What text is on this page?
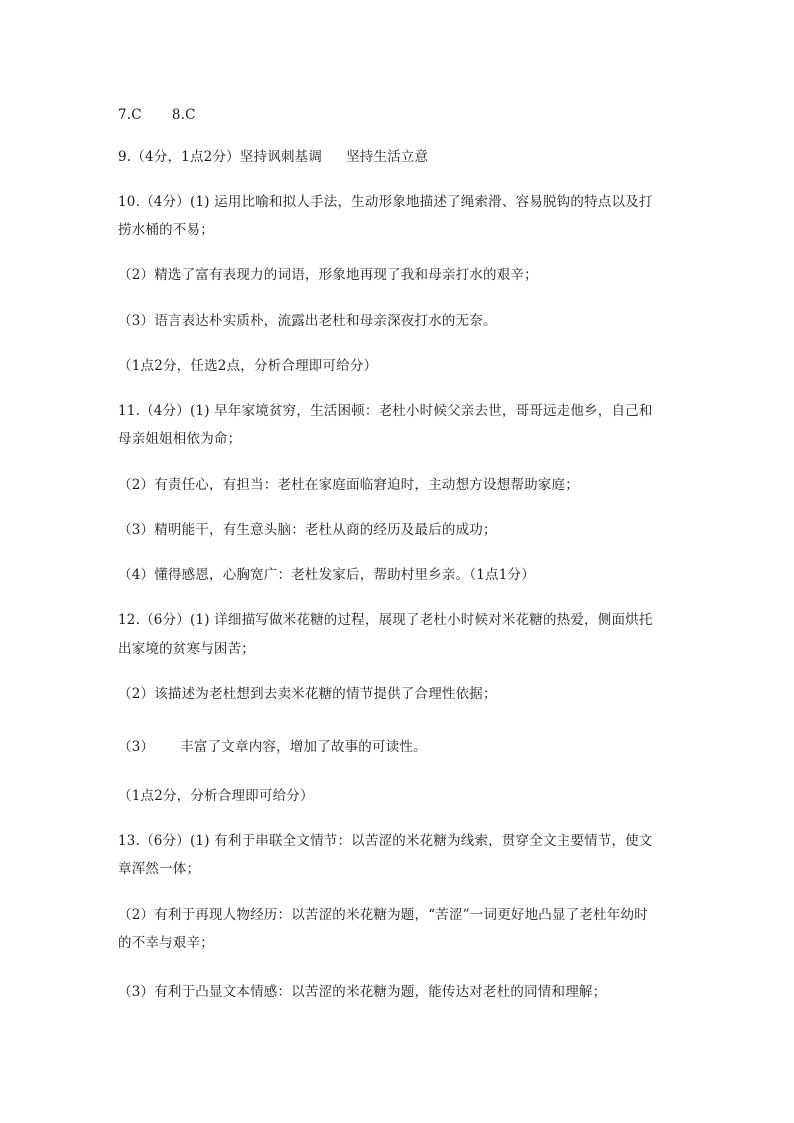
7.C 8.C
9.（4分，1点2分）坚持讽刺基调 坚持生活立意
10.（4分）(1) 运用比喻和拟人手法，生动形象地描述了绳索滑、容易脱钩的特点以及打
捞水桶的不易；
（2）精选了富有表现力的词语，形象地再现了我和母亲打水的艰辛；
（3）语言表达朴实质朴，流露出老杜和母亲深夜打水的无奈。
（1点2分，任选2点，分析合理即可给分）
11.（4分）(1) 早年家境贫穷，生活困顿：老杜小时候父亲去世，哥哥远走他乡，自己和
母亲姐姐相依为命；
（2）有责任心，有担当：老杜在家庭面临窘迫时，主动想方设想帮助家庭；
（3）精明能干，有生意头脑：老杜从商的经历及最后的成功；
（4）懂得感恩，心胸宽广：老杜发家后，帮助村里乡亲。（1点1分）
12.（6分）(1) 详细描写做米花糖的过程，展现了老杜小时候对米花糖的热爱，侧面烘托
出家境的贫寒与困苦；
（2）该描述为老杜想到去卖米花糖的情节提供了合理性依据；
（3） 丰富了文章内容，增加了故事的可读性。
（1点2分，分析合理即可给分）
13.（6分）(1) 有利于串联全文情节：以苦涩的米花糖为线索，贯穿全文主要情节，使文
章浑然一体；
（2）有利于再现人物经历：以苦涩的米花糖为题，“苦涩”一词更好地凸显了老杜年幼时
的不幸与艰辛；
（3）有利于凸显文本情感：以苦涩的米花糖为题，能传达对老杜的同情和理解；
